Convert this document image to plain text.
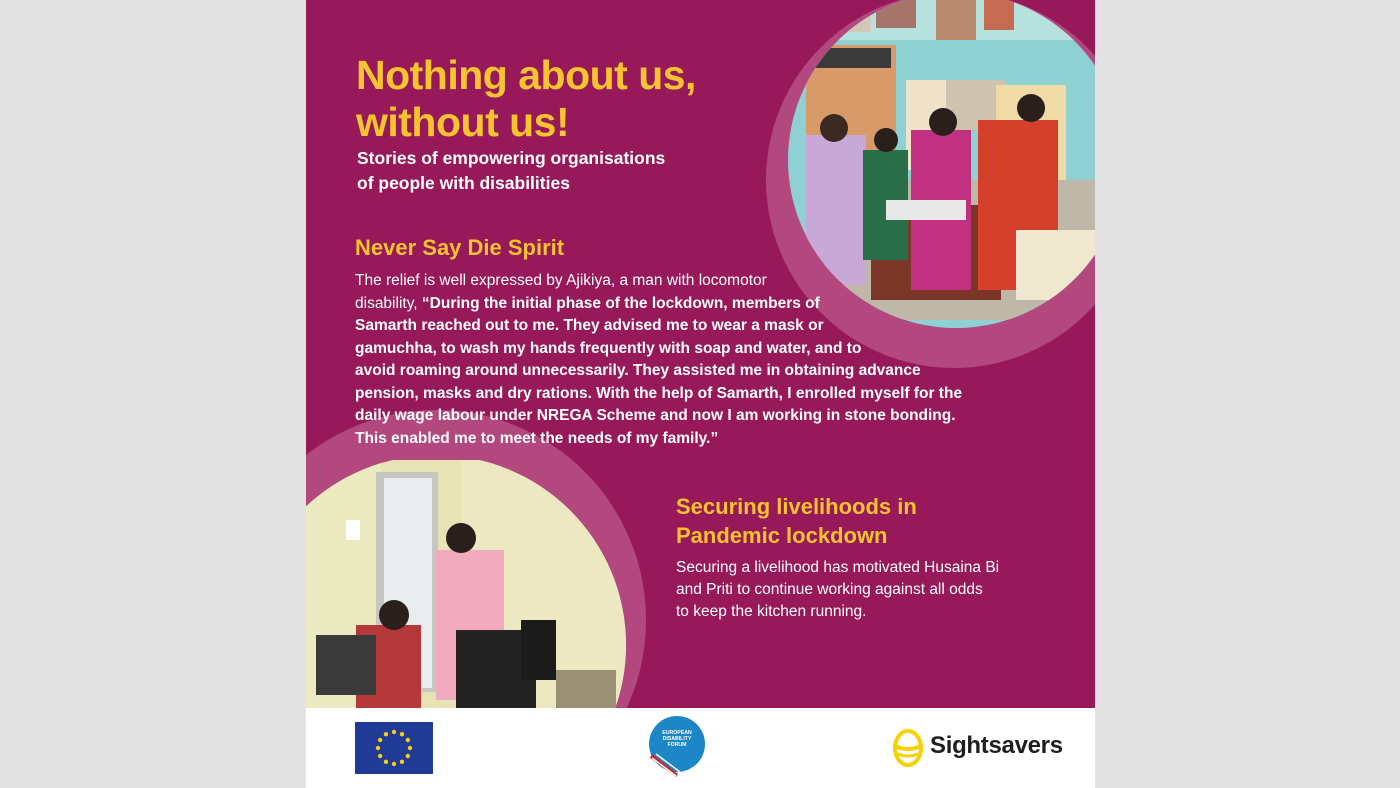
Nothing about us, without us!

Stories of empowering organisations
of people with disabilities

Never Say Die Spirit

The relief is well expressed by Ajikiya, a man with locomotor
disability, “During the initial phase of the lockdown, members of
Samarth reached out to me. They advised me to wear a mask or
gamuchha, to wash my hands frequently with soap and water, and to
avoid roaming around unnecessarily. They assisted me in obtaining advance
pension, masks and dry rations. With the help of Samarth, I enrolled myself for the
daily wage labour under NREGA Scheme and now I am working in stone bonding.
This enabled me to meet the needs of my family.”

Securing livelihoods in
Pandemic lockdown

Securing a livelihood has motivated Husaina Bi
and Priti to continue working against all odds
to keep the kitchen running.

EUROPEAN
DISABILITY
FORUM	Sightsavers
